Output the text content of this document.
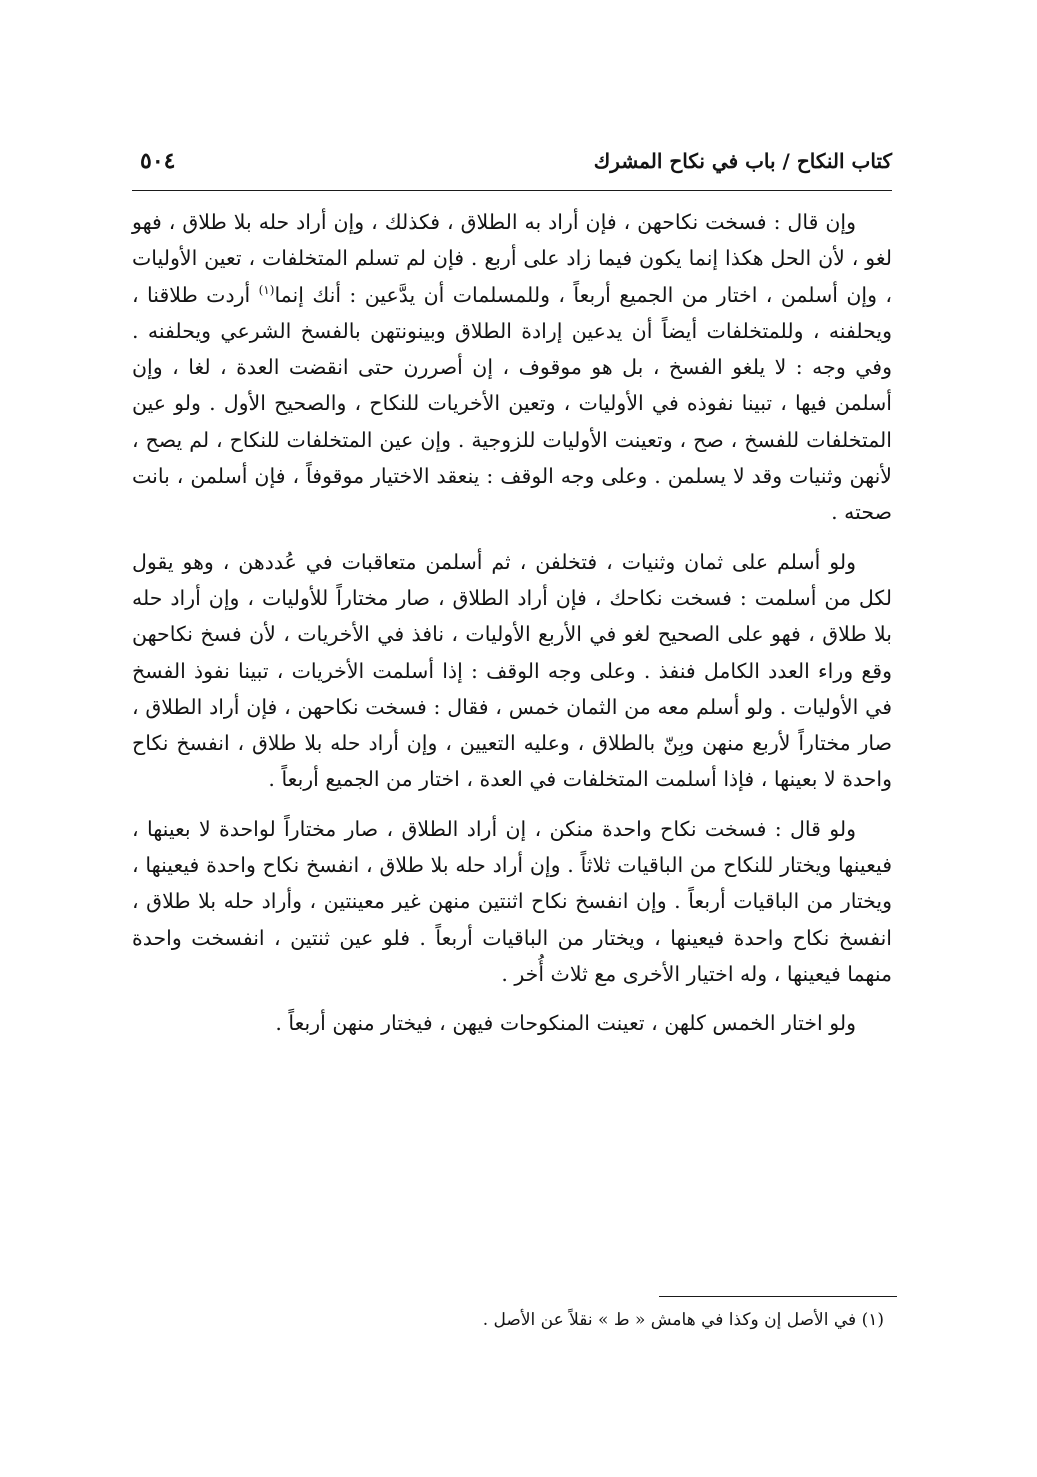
كتاب النكاح / باب في نكاح المشرك
٥٠٤

وإن قال : فسخت نكاحهن ، فإن أراد به الطلاق ، فكذلك ، وإن أراد حله بلا طلاق ، فهو لغو ، لأن الحل هكذا إنما يكون فيما زاد على أربع . فإن لم تسلم المتخلفات ، تعين الأوليات ، وإن أسلمن ، اختار من الجميع أربعاً ، وللمسلمات أن يدَّعين : أنك إنما$^{(١)}$ أردت طلاقنا ، ويحلفنه ، وللمتخلفات أيضاً أن يدعين إرادة الطلاق وبينونتهن بالفسخ الشرعي ويحلفنه . وفي وجه : لا يلغو الفسخ ، بل هو موقوف ، إن أصررن حتى انقضت العدة ، لغا ، وإن أسلمن فيها ، تبينا نفوذه في الأوليات ، وتعين الأخريات للنكاح ، والصحيح الأول . ولو عين المتخلفات للفسخ ، صح ، وتعينت الأوليات للزوجية . وإن عين المتخلفات للنكاح ، لم يصح ، لأنهن وثنيات وقد لا يسلمن . وعلى وجه الوقف : ينعقد الاختيار موقوفاً ، فإن أسلمن ، بانت صحته .

ولو أسلم على ثمان وثنيات ، فتخلفن ، ثم أسلمن متعاقبات في عُددهن ، وهو يقول لكل من أسلمت : فسخت نكاحك ، فإن أراد الطلاق ، صار مختاراً للأوليات ، وإن أراد حله بلا طلاق ، فهو على الصحيح لغو في الأربع الأوليات ، نافذ في الأخريات ، لأن فسخ نكاحهن وقع وراء العدد الكامل فنفذ . وعلى وجه الوقف : إذا أسلمت الأخريات ، تبينا نفوذ الفسخ في الأوليات . ولو أسلم معه من الثمان خمس ، فقال : فسخت نكاحهن ، فإن أراد الطلاق ، صار مختاراً لأربع منهن وبِنّ بالطلاق ، وعليه التعيين ، وإن أراد حله بلا طلاق ، انفسخ نكاح واحدة لا بعينها ، فإذا أسلمت المتخلفات في العدة ، اختار من الجميع أربعاً .

ولو قال : فسخت نكاح واحدة منكن ، إن أراد الطلاق ، صار مختاراً لواحدة لا بعينها ، فيعينها ويختار للنكاح من الباقيات ثلاثاً . وإن أراد حله بلا طلاق ، انفسخ نكاح واحدة فيعينها ، ويختار من الباقيات أربعاً . وإن انفسخ نكاح اثنتين منهن غير معينتين ، وأراد حله بلا طلاق ، انفسخ نكاح واحدة فيعينها ، ويختار من الباقيات أربعاً . فلو عين ثنتين ، انفسخت واحدة منهما فيعينها ، وله اختيار الأخرى مع ثلاث أُخر .

ولو اختار الخمس كلهن ، تعينت المنكوحات فيهن ، فيختار منهن أربعاً .

(١) في الأصل إن وكذا في هامش « ط » نقلاً عن الأصل .
